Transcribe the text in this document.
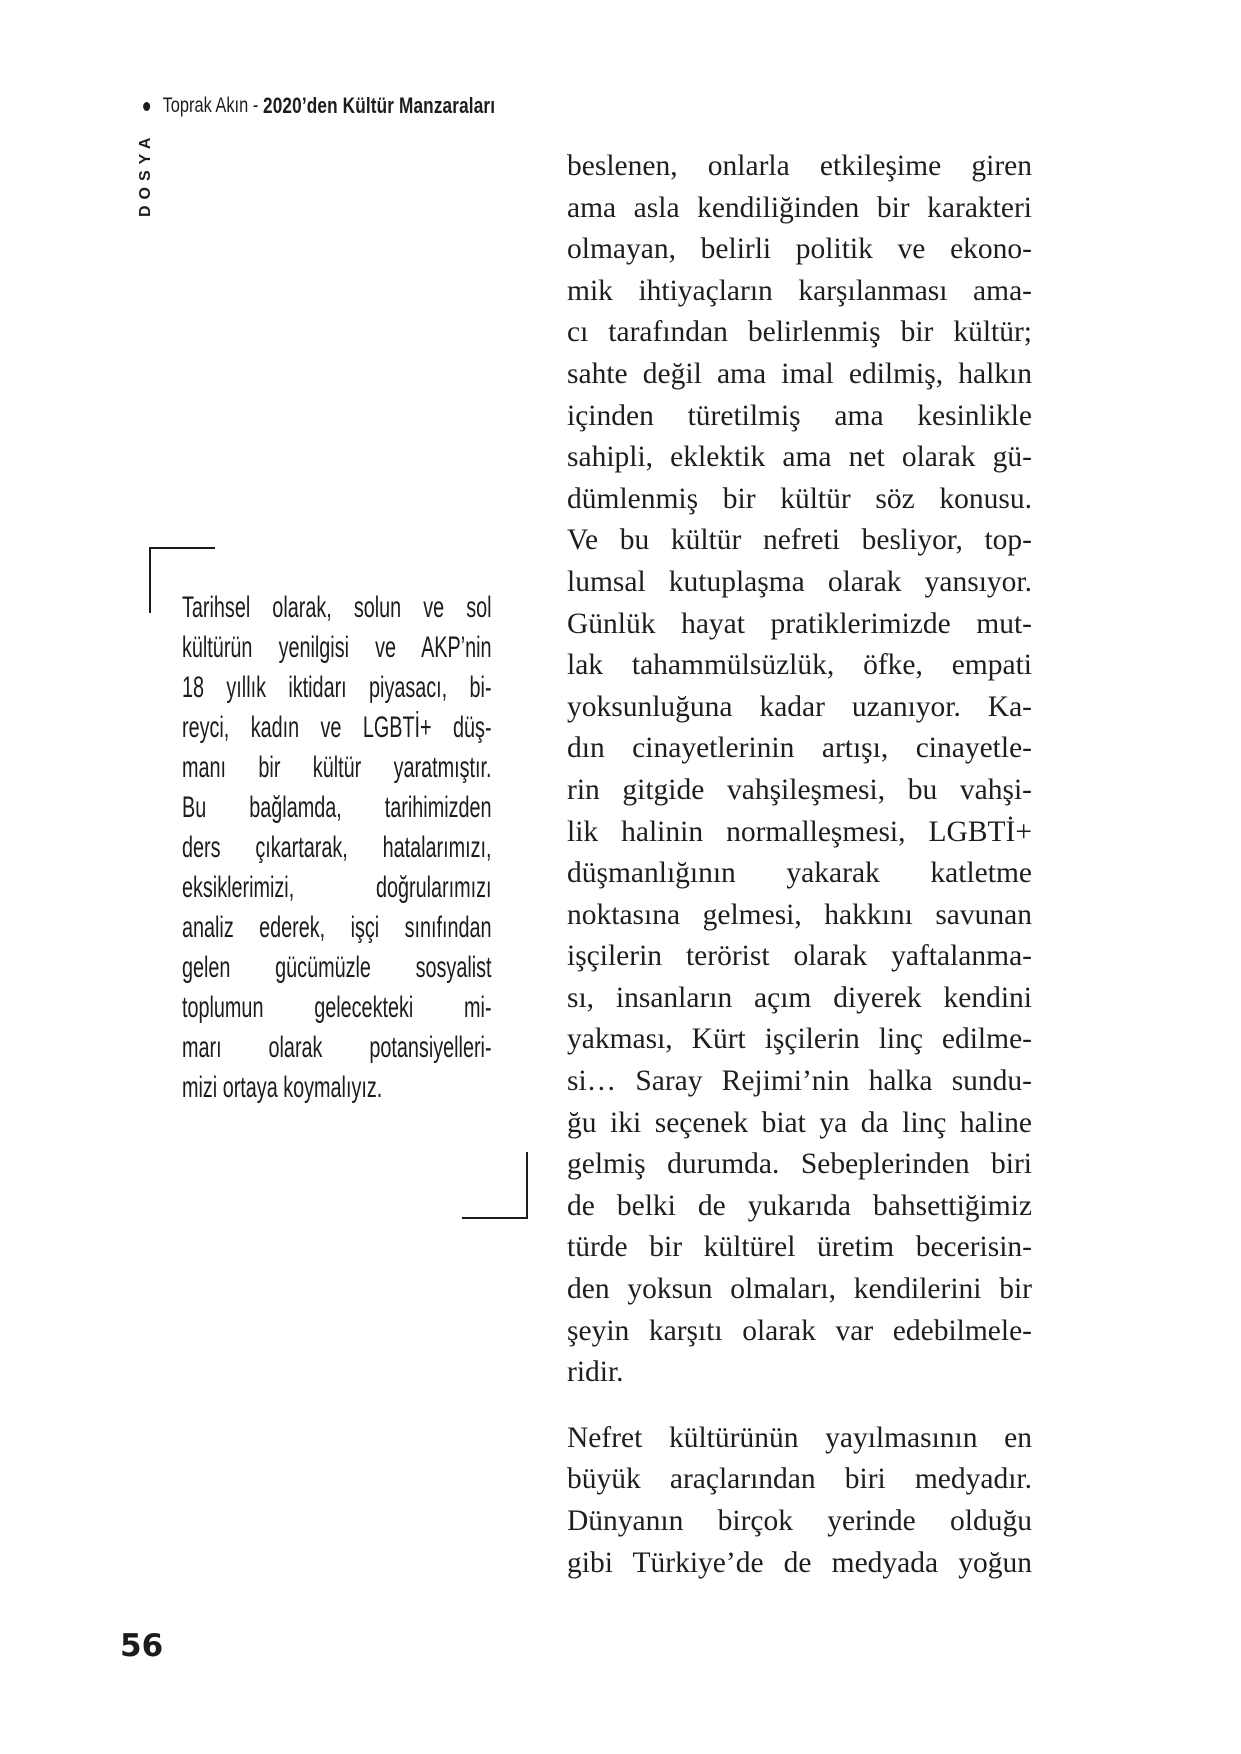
Toprak Akın - 2020’den Kültür Manzaraları
DOSYA
Tarihsel olarak, solun ve sol
kültürün yenilgisi ve AKP’nin
18 yıllık iktidarı piyasacı, bi-
reyci, kadın ve LGBTİ+ düş-
manı bir kültür yaratmıştır.
Bu bağlamda, tarihimizden
ders çıkartarak, hatalarımızı,
eksiklerimizi, doğrularımızı
analiz ederek, işçi sınıfından
gelen gücümüzle sosyalist
toplumun gelecekteki mi-
marı olarak potansiyelleri-
mizi ortaya koymalıyız.
beslenen, onlarla etkileşime giren
ama asla kendiliğinden bir karakteri
olmayan, belirli politik ve ekono-
mik ihtiyaçların karşılanması ama-
cı tarafından belirlenmiş bir kültür;
sahte değil ama imal edilmiş, halkın
içinden türetilmiş ama kesinlikle
sahipli, eklektik ama net olarak gü-
dümlenmiş bir kültür söz konusu.
Ve bu kültür nefreti besliyor, top-
lumsal kutuplaşma olarak yansıyor.
Günlük hayat pratiklerimizde mut-
lak tahammülsüzlük, öfke, empati
yoksunluğuna kadar uzanıyor. Ka-
dın cinayetlerinin artışı, cinayetle-
rin gitgide vahşileşmesi, bu vahşi-
lik halinin normalleşmesi, LGBTİ+
düşmanlığının yakarak katletme
noktasına gelmesi, hakkını savunan
işçilerin terörist olarak yaftalanma-
sı, insanların açım diyerek kendini
yakması, Kürt işçilerin linç edilme-
si… Saray Rejimi’nin halka sundu-
ğu iki seçenek biat ya da linç haline
gelmiş durumda. Sebeplerinden biri
de belki de yukarıda bahsettiğimiz
türde bir kültürel üretim becerisin-
den yoksun olmaları, kendilerini bir
şeyin karşıtı olarak var edebilmele-
ridir.
Nefret kültürünün yayılmasının en
büyük araçlarından biri medyadır.
Dünyanın birçok yerinde olduğu
gibi Türkiye’de de medyada yoğun
56
